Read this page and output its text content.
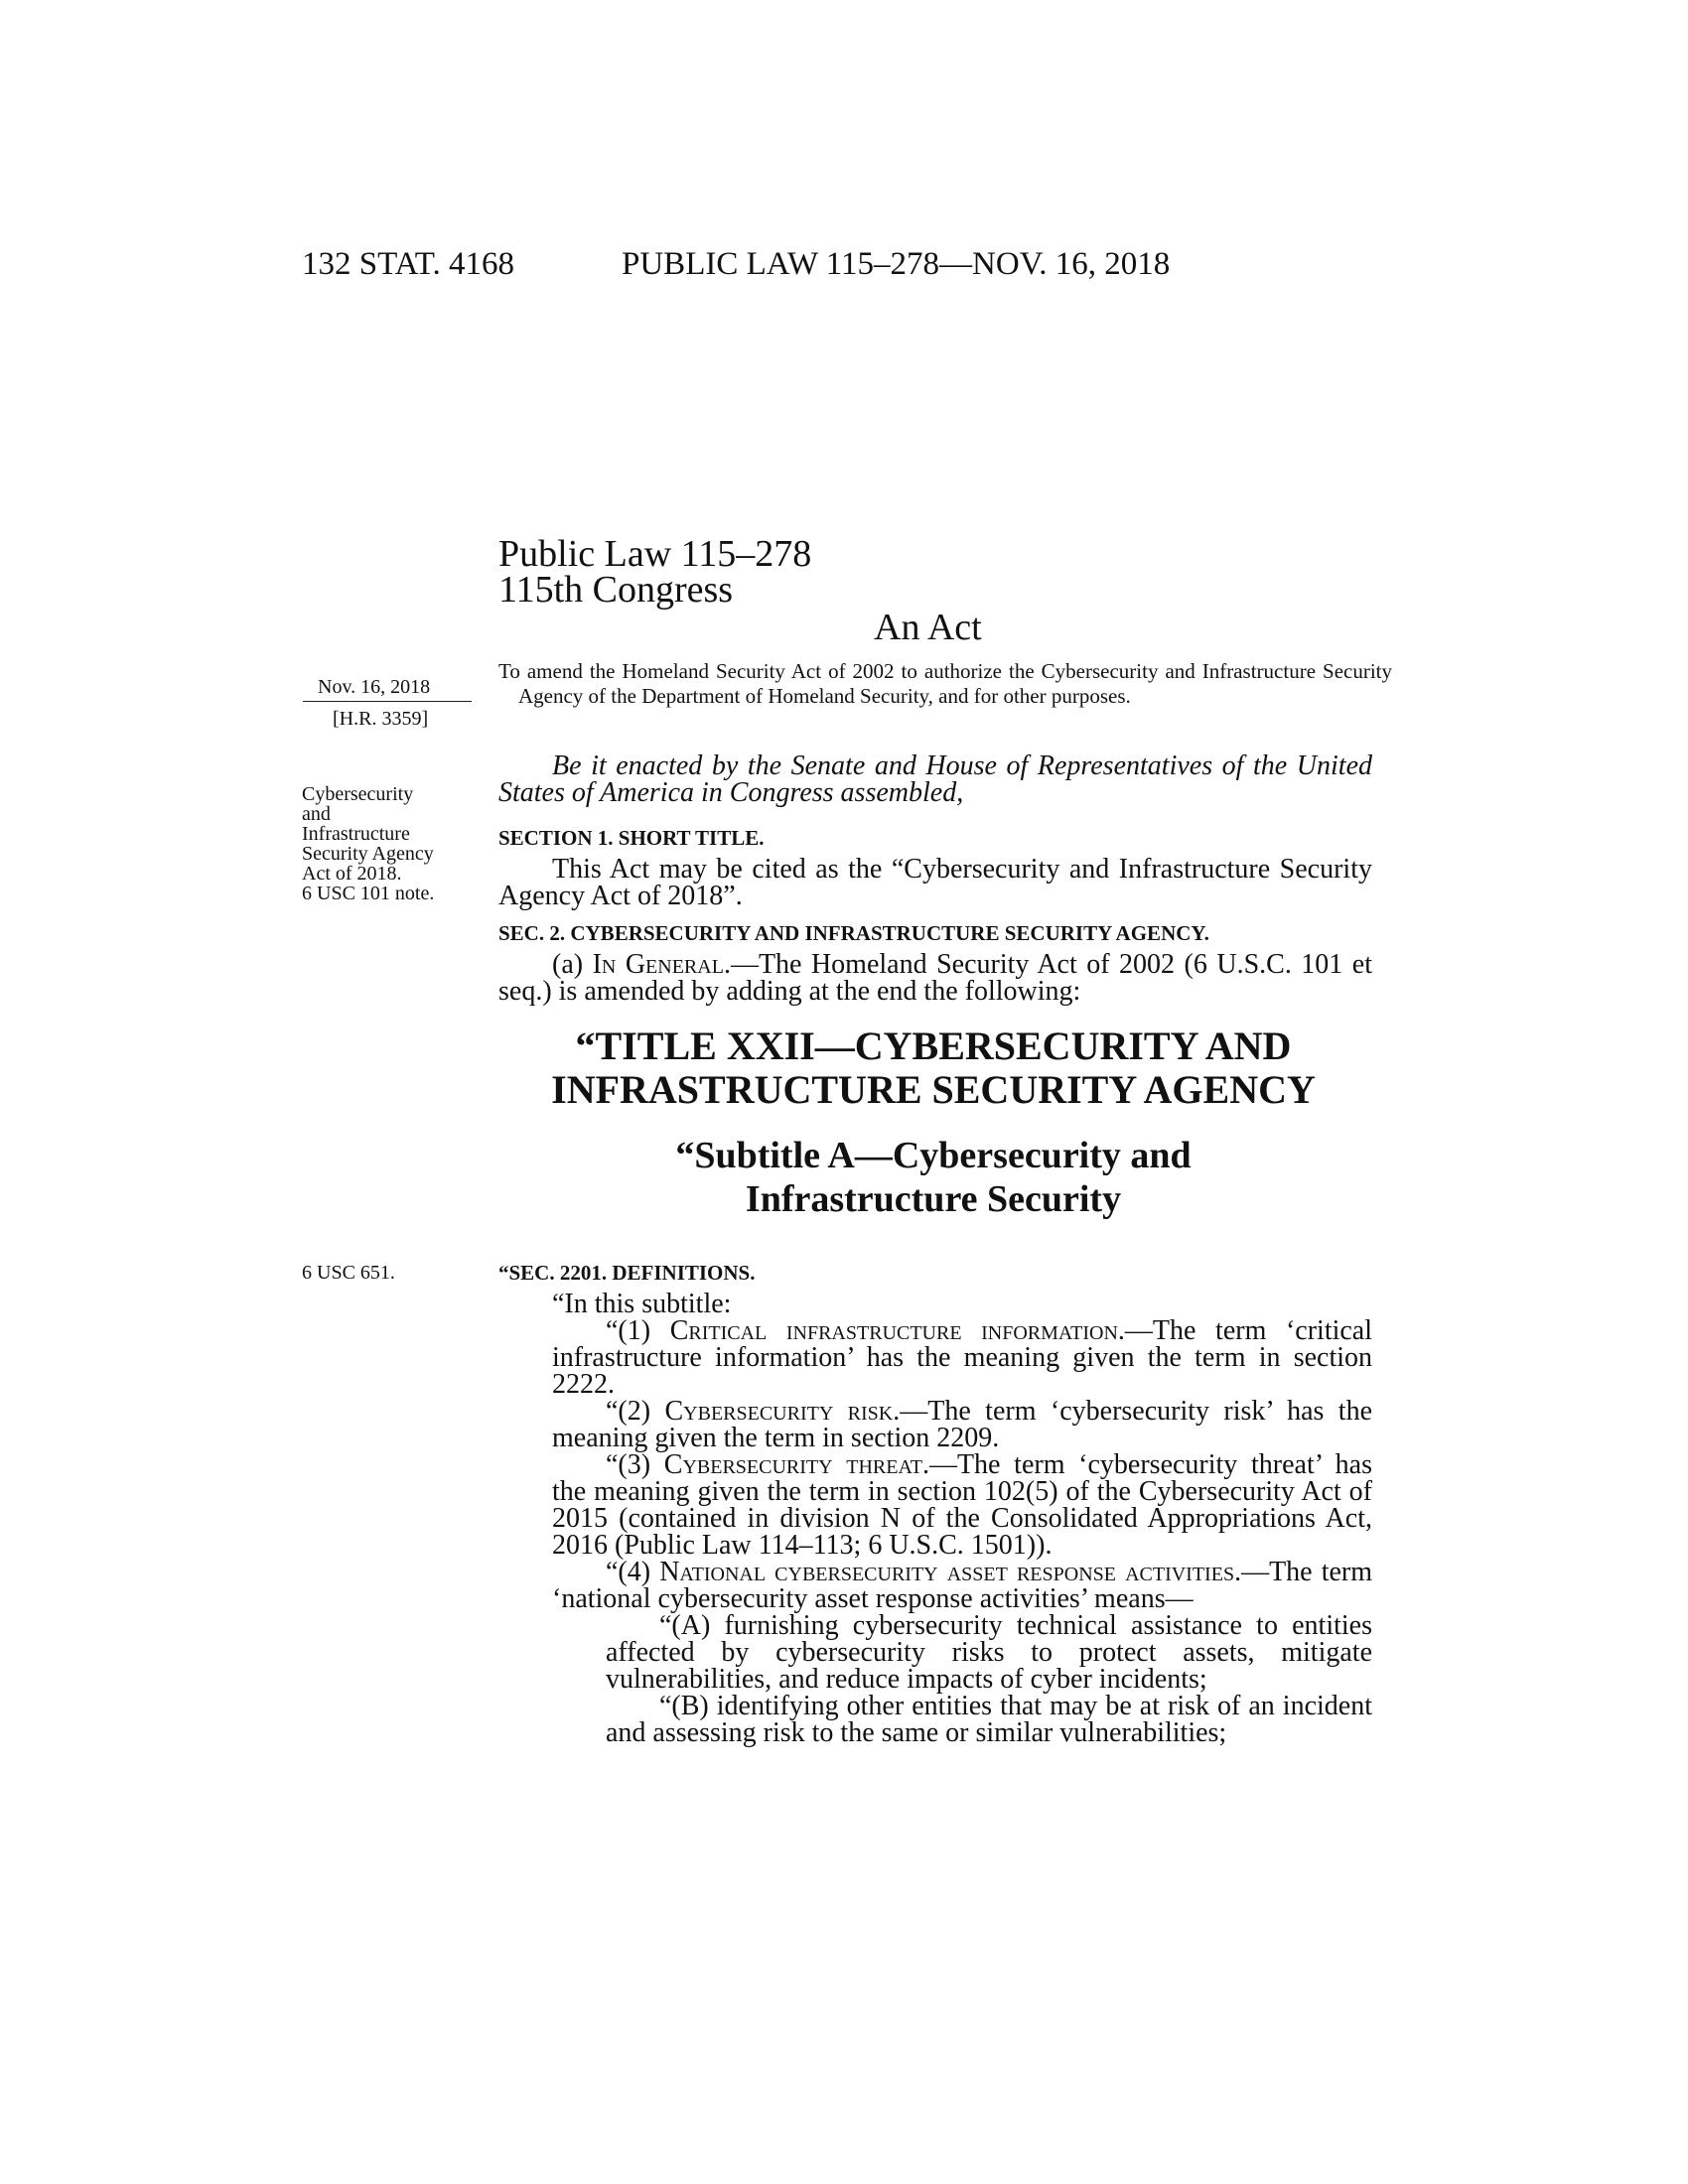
132 STAT. 4168	PUBLIC LAW 115–278—NOV. 16, 2018
Public Law 115–278
115th Congress
An Act
Nov. 16, 2018
[H.R. 3359]
To amend the Homeland Security Act of 2002 to authorize the Cybersecurity and Infrastructure Security Agency of the Department of Homeland Security, and for other purposes.
Cybersecurity
and
Infrastructure
Security Agency
Act of 2018.
6 USC 101 note.
Be it enacted by the Senate and House of Representatives of the United States of America in Congress assembled,
SECTION 1. SHORT TITLE.
This Act may be cited as the “Cybersecurity and Infrastructure Security Agency Act of 2018”.
SEC. 2. CYBERSECURITY AND INFRASTRUCTURE SECURITY AGENCY.
(a) In General.—The Homeland Security Act of 2002 (6 U.S.C. 101 et seq.) is amended by adding at the end the following:
“TITLE XXII—CYBERSECURITY AND
INFRASTRUCTURE SECURITY AGENCY
“Subtitle A—Cybersecurity and
Infrastructure Security
6 USC 651.	“SEC. 2201. DEFINITIONS.
“In this subtitle:
“(1) Critical infrastructure information.—The term ‘critical infrastructure information’ has the meaning given the term in section 2222.
“(2) Cybersecurity risk.—The term ‘cybersecurity risk’ has the meaning given the term in section 2209.
“(3) Cybersecurity threat.—The term ‘cybersecurity threat’ has the meaning given the term in section 102(5) of the Cybersecurity Act of 2015 (contained in division N of the Consolidated Appropriations Act, 2016 (Public Law 114–113; 6 U.S.C. 1501)).
“(4) National cybersecurity asset response activities.—The term ‘national cybersecurity asset response activities’ means—
“(A) furnishing cybersecurity technical assistance to entities affected by cybersecurity risks to protect assets, mitigate vulnerabilities, and reduce impacts of cyber incidents;
“(B) identifying other entities that may be at risk of an incident and assessing risk to the same or similar vulnerabilities;
